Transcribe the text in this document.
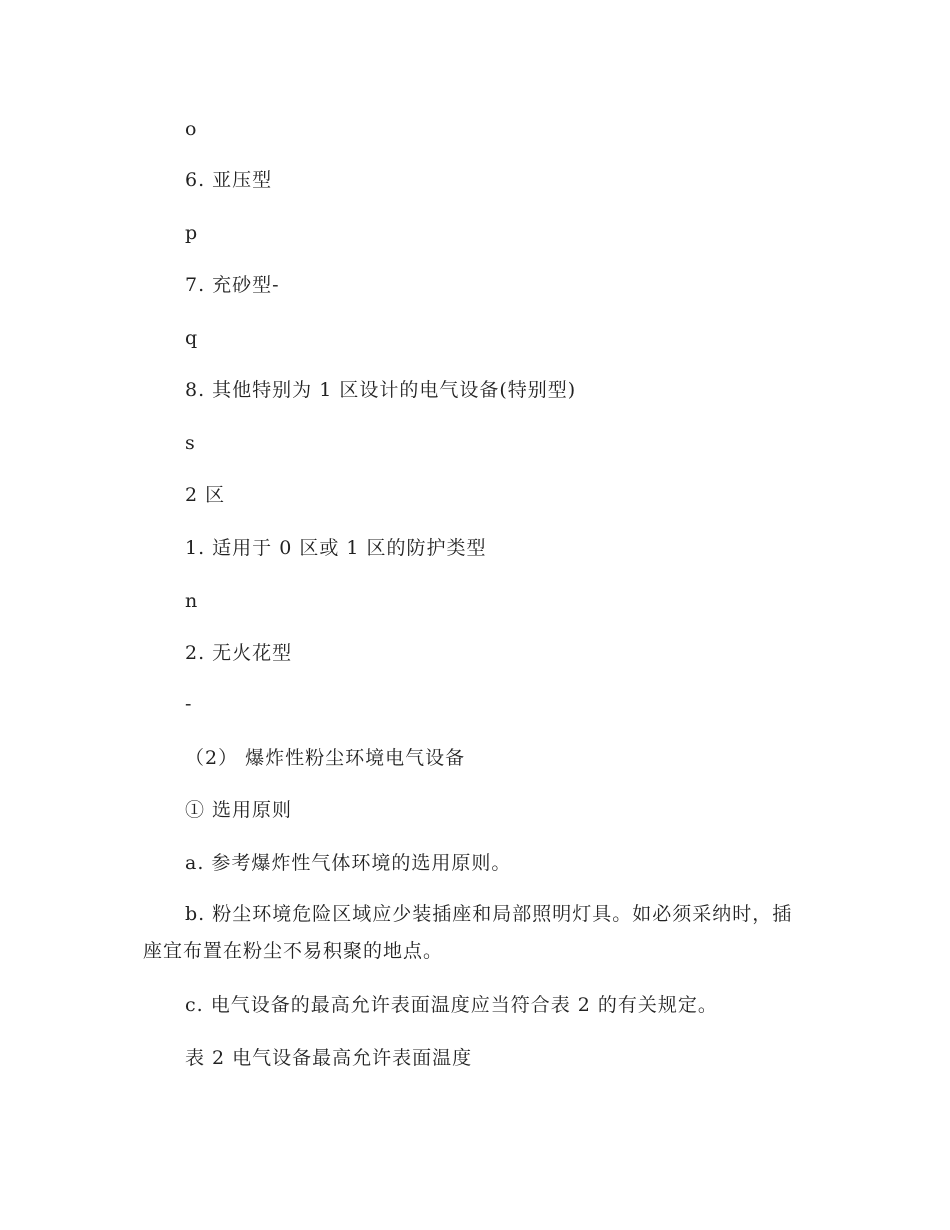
o
6. 亚压型
p
7. 充砂型-
q
8. 其他特别为 1 区设计的电气设备(特别型)
s
2 区
1. 适用于 0 区或 1 区的防护类型
n
2. 无火花型
-
（2） 爆炸性粉尘环境电气设备
① 选用原则
a. 参考爆炸性气体环境的选用原则。
b. 粉尘环境危险区域应少装插座和局部照明灯具。如必须采纳时，插座宜布置在粉尘不易积聚的地点。
c. 电气设备的最高允许表面温度应当符合表 2 的有关规定。
表 2 电气设备最高允许表面温度
